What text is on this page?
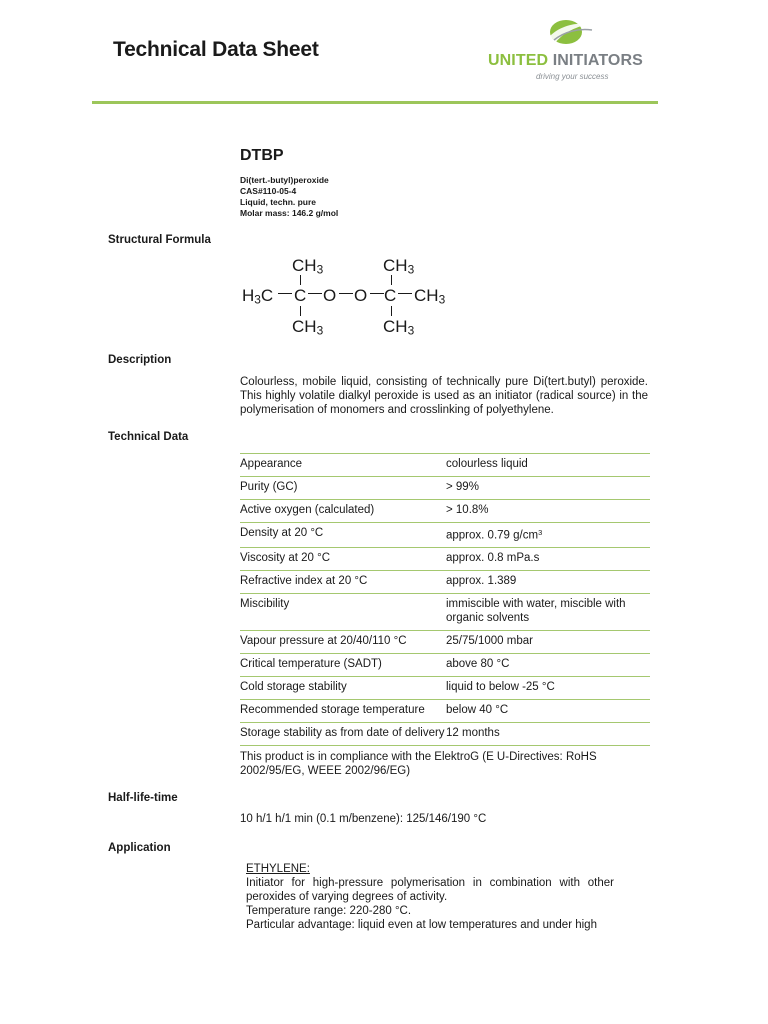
Technical Data Sheet	UNITED INITIATORS
driving your success
DTBP
Di(tert.-butyl)peroxide
CAS#110-05-4
Liquid, techn. pure
Molar mass: 146.2 g/mol
Structural Formula
$CH_3$	$CH_3$
$H_3C$ C O O C $CH_3$
$CH_3$	$CH_3$
Description
Colourless, mobile liquid, consisting of technically pure Di(tert.butyl) peroxide. This highly volatile dialkyl peroxide is used as an initiator (radical source) in the polymerisation of monomers and crosslinking of polyethylene.
Technical Data
Appearance	colourless liquid
Purity (GC)	> 99%
Active oxygen (calculated)	> 10.8%
Density at 20 °C	approx. 0.79 $g/cm^3$
Viscosity at 20 °C	approx. 0.8 mPa.s
Refractive index at 20 °C	approx. 1.389
Miscibility	immiscible with water, miscible with organic solvents
Vapour pressure at 20/40/110 °C	25/75/1000 mbar
Critical temperature (SADT)	above 80 °C
Cold storage stability	liquid to below -25 °C
Recommended storage temperature	below 40 °C
Storage stability as from date of delivery	12 months
This product is in compliance with the ElektroG (E U-Directives: RoHS 2002/95/EG, WEEE 2002/96/EG)
Half-life-time
10 h/1 h/1 min (0.1 m/benzene): 125/146/190 °C
Application
ETHYLENE:
Initiator for high-pressure polymerisation in combination with other peroxides of varying degrees of activity.
Temperature range: 220-280 °C.
Particular advantage: liquid even at low temperatures and under high
